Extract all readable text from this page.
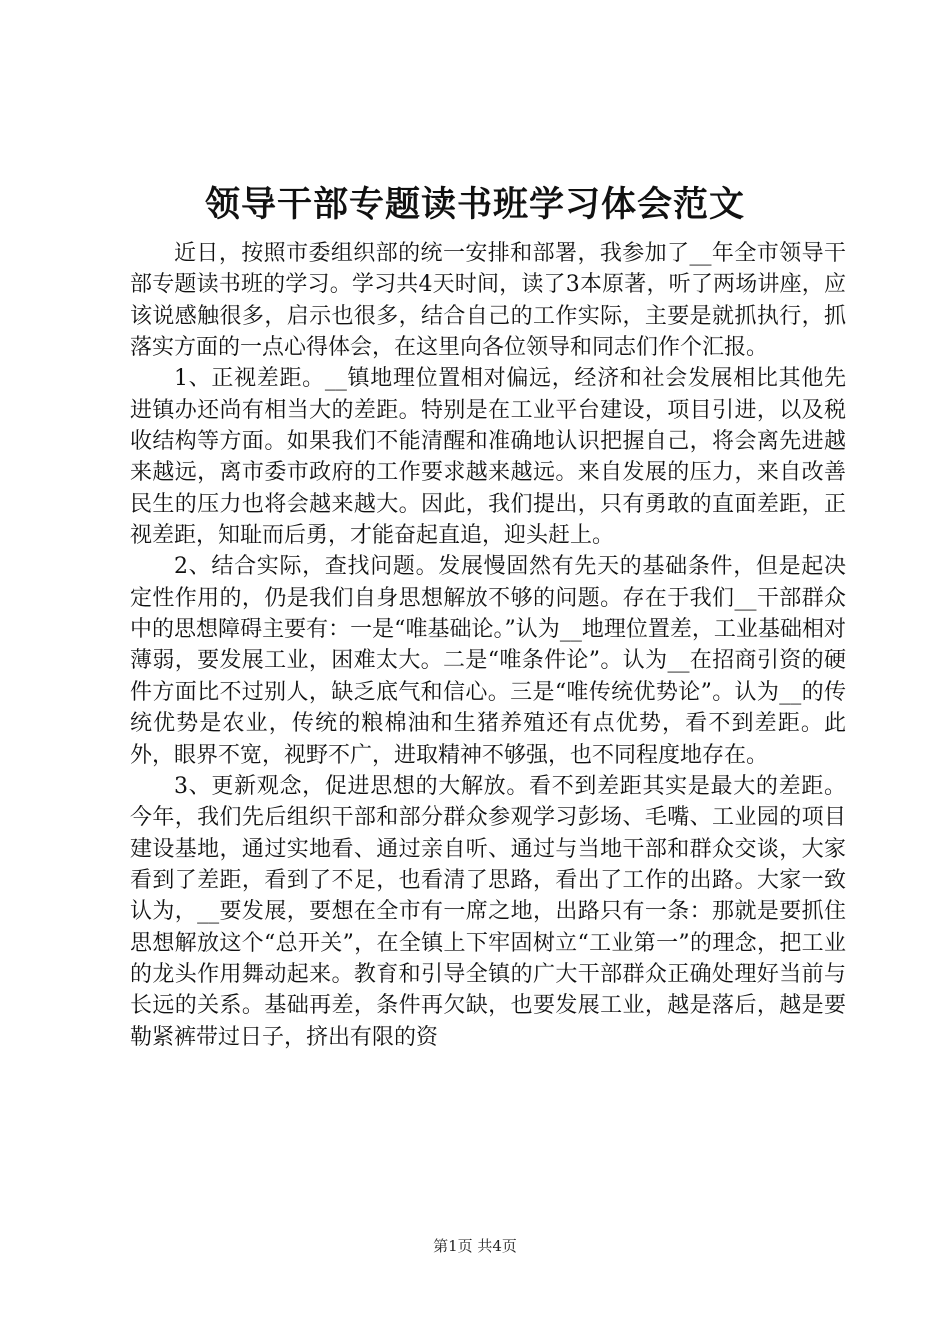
领导干部专题读书班学习体会范文

近日，按照市委组织部的统一安排和部署，我参加了__年全市领导干部专题读书班的学习。学习共4天时间，读了3本原著，听了两场讲座，应该说感触很多，启示也很多，结合自己的工作实际，主要是就抓执行，抓落实方面的一点心得体会，在这里向各位领导和同志们作个汇报。

1、正视差距。__镇地理位置相对偏远，经济和社会发展相比其他先进镇办还尚有相当大的差距。特别是在工业平台建设，项目引进，以及税收结构等方面。如果我们不能清醒和准确地认识把握自己，将会离先进越来越远，离市委市政府的工作要求越来越远。来自发展的压力，来自改善民生的压力也将会越来越大。因此，我们提出，只有勇敢的直面差距，正视差距，知耻而后勇，才能奋起直追，迎头赶上。

2、结合实际，查找问题。发展慢固然有先天的基础条件，但是起决定性作用的，仍是我们自身思想解放不够的问题。存在于我们__干部群众中的思想障碍主要有：一是“唯基础论。”认为__地理位置差，工业基础相对薄弱，要发展工业，困难太大。二是“唯条件论”。认为__在招商引资的硬件方面比不过别人，缺乏底气和信心。三是“唯传统优势论”。认为__的传统优势是农业，传统的粮棉油和生猪养殖还有点优势，看不到差距。此外，眼界不宽，视野不广，进取精神不够强，也不同程度地存在。

3、更新观念，促进思想的大解放。看不到差距其实是最大的差距。今年，我们先后组织干部和部分群众参观学习彭场、毛嘴、工业园的项目建设基地，通过实地看、通过亲自听、通过与当地干部和群众交谈，大家看到了差距，看到了不足，也看清了思路，看出了工作的出路。大家一致认为，__要发展，要想在全市有一席之地，出路只有一条：那就是要抓住思想解放这个“总开关”，在全镇上下牢固树立“工业第一”的理念，把工业的龙头作用舞动起来。教育和引导全镇的广大干部群众正确处理好当前与长远的关系。基础再差，条件再欠缺，也要发展工业，越是落后，越是要勒紧裤带过日子，挤出有限的资

第1页 共4页
